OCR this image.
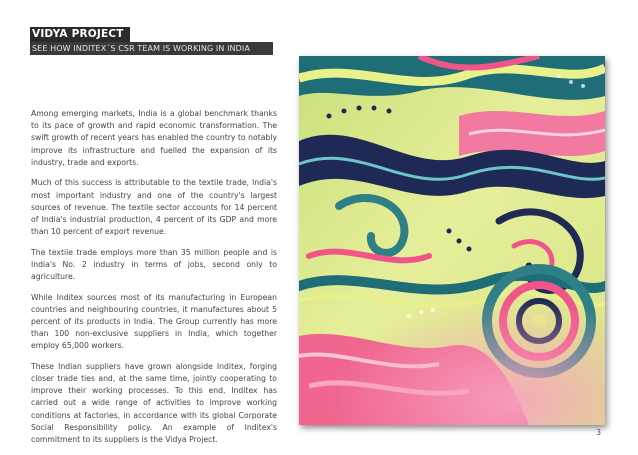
VIDYA PROJECT
SEE HOW INDITEX´S CSR TEAM IS WORKING IN INDIA

Among emerging markets, India is a global benchmark thanks to its pace of growth and rapid economic transformation. The swift growth of recent years has enabled the country to notably improve its infrastructure and fuelled the expansion of its industry, trade and exports.

Much of this success is attributable to the textile trade, India's most important industry and one of the country's largest sources of revenue. The textile sector accounts for 14 percent of India's industrial production, 4 percent of its GDP and more than 10 percent of export revenue.

The textile trade employs more than 35 million people and is India's No. 2 industry in terms of jobs, second only to agriculture.

While Inditex sources most of its manufacturing in European countries and neighbouring countries, it manufactures about 5 percent of its products in India. The Group currently has more than 100 non-exclusive suppliers in India, which together employ 65,000 workers.

These Indian suppliers have grown alongside Inditex, forging closer trade ties and, at the same time, jointly cooperating to improve their working processes. To this end, Inditex has carried out a wide range of activities to improve working conditions at factories, in accordance with its global Corporate Social Responsibility policy. An example of Inditex's commitment to its suppliers is the Vidya Project.

3
